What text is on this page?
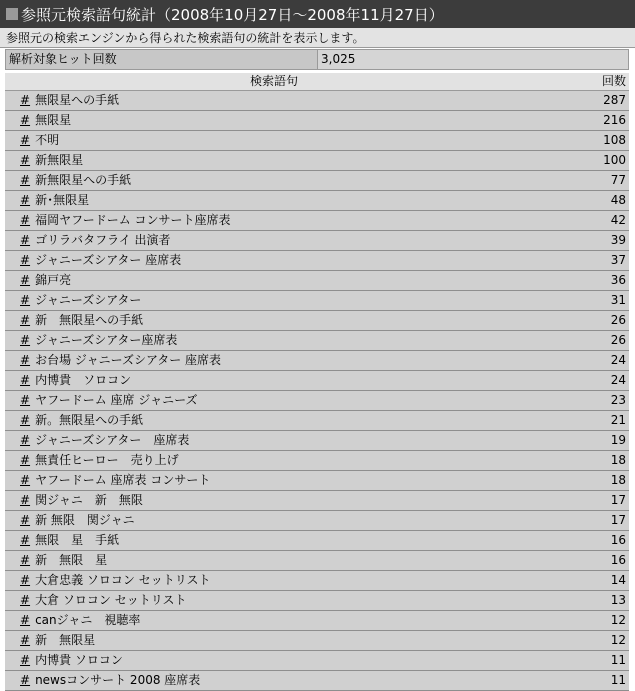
参照元検索語句統計（2008年10月27日～2008年11月27日）
参照元の検索エンジンから得られた検索語句の統計を表示します。
解析対象ヒット回数	3,025
検索語句	回数
# 無限星への手紙	287
# 無限星	216
# 不明	108
# 新無限星	100
# 新無限星への手紙	77
# 新･無限星	48
# 福岡ヤフードーム コンサート座席表	42
# ゴリラバタフライ 出演者	39
# ジャニーズシアター 座席表	37
# 錦戸亮	36
# ジャニーズシアター	31
# 新　無限星への手紙	26
# ジャニーズシアター座席表	26
# お台場 ジャニーズシアター 座席表	24
# 内博貴　ソロコン	24
# ヤフードーム 座席 ジャニーズ	23
# 新。無限星への手紙	21
# ジャニーズシアター　座席表	19
# 無責任ヒーロー　売り上げ	18
# ヤフードーム 座席表 コンサート	18
# 関ジャニ　新　無限	17
# 新 無限　関ジャニ	17
# 無限　星　手紙	16
# 新　無限　星	16
# 大倉忠義 ソロコン セットリスト	14
# 大倉 ソロコン セットリスト	13
# canジャニ　視聴率	12
# 新　無限星	12
# 内博貴 ソロコン	11
# newsコンサート 2008 座席表	11
